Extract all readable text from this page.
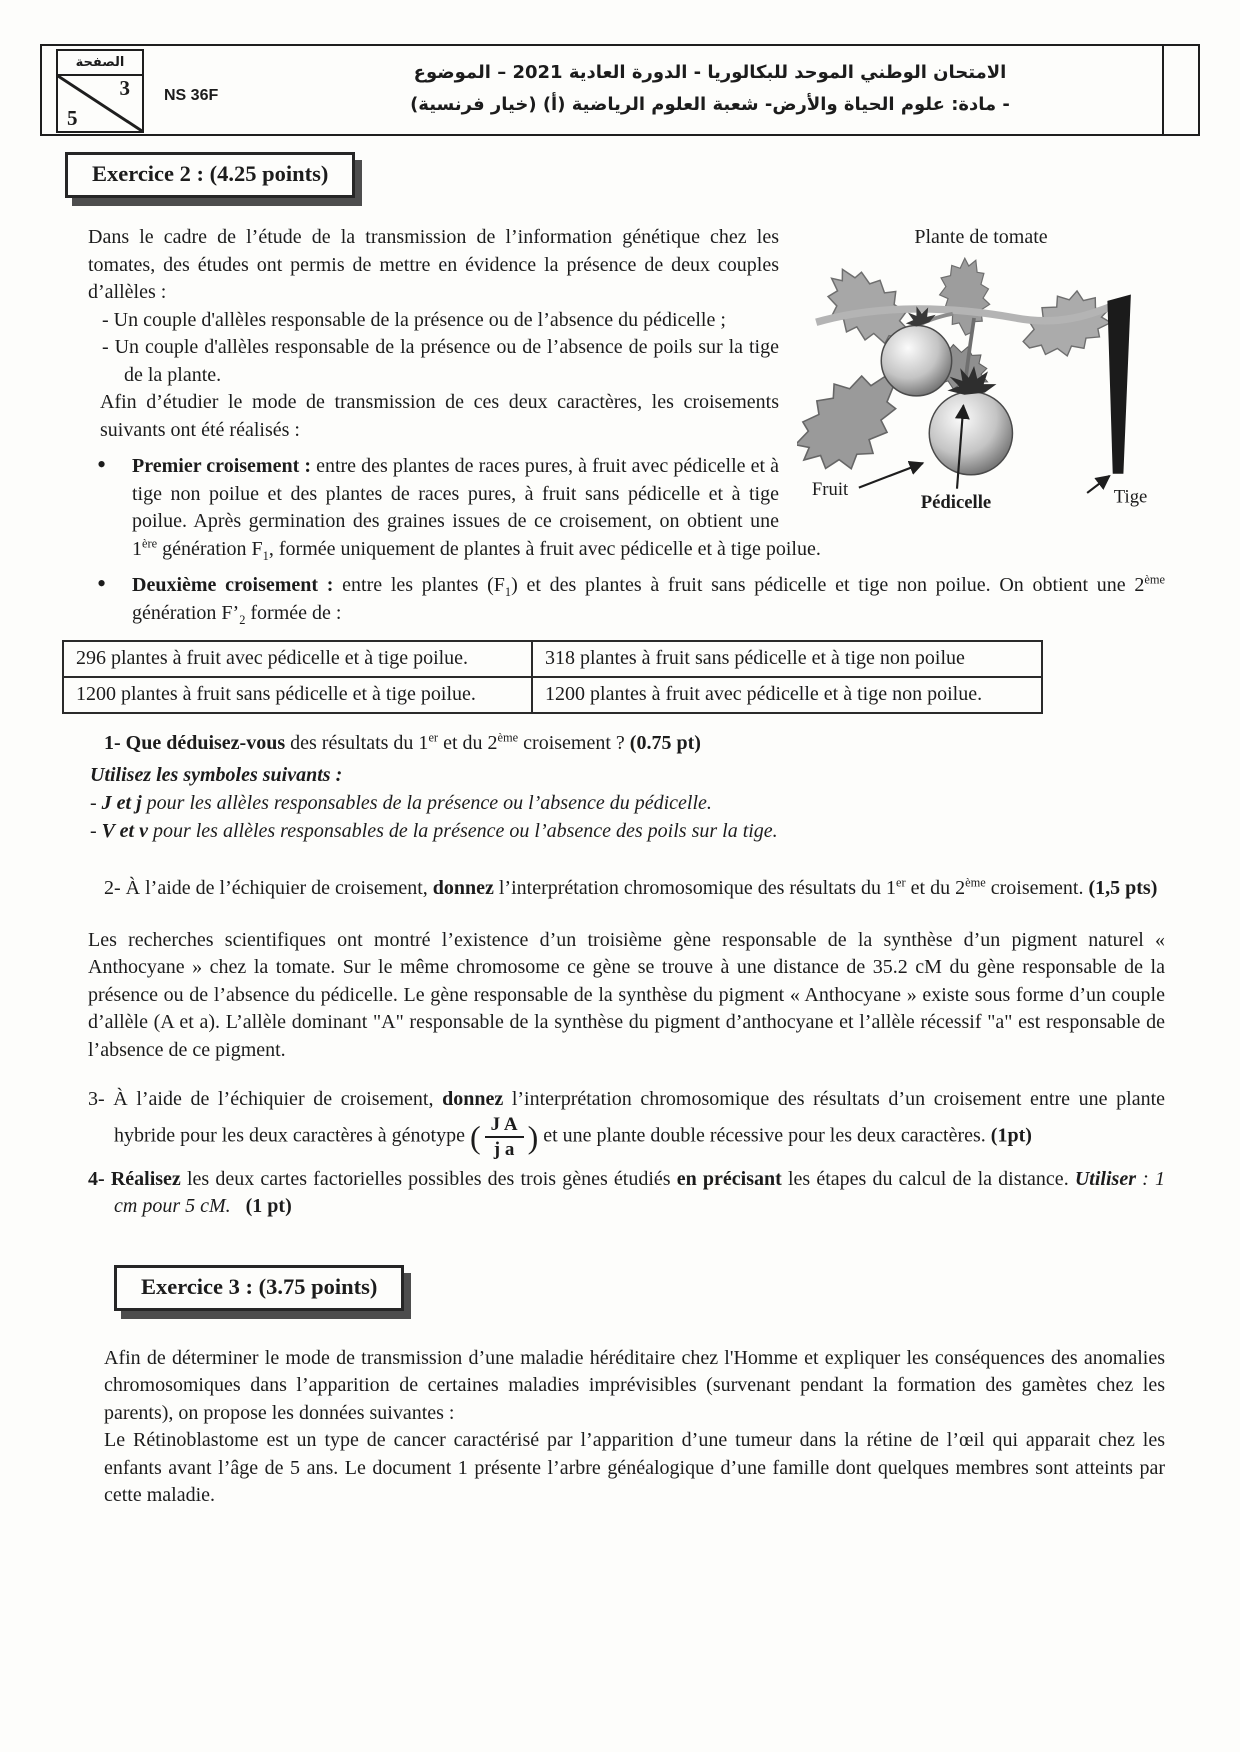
الصفحة
3
5
NS 36F
الامتحان الوطني الموحد للبكالوريا - الدورة العادية 2021 – الموضوع
- مادة: علوم الحياة والأرض- شعبة العلوم الرياضية (أ) (خيار فرنسية)
Exercice 2 : (4.25 points)
Plante de tomate
Fruit
Pédicelle	Tige

Dans le cadre de l’étude de la transmission de l’information génétique chez les tomates, des études ont permis de mettre en évidence la présence de deux couples d’allèles :

- Un couple d'allèles responsable de la présence ou de l’absence du pédicelle ;
- Un couple d'allèles responsable de la présence ou de l’absence de poils sur la tige de la plante.

Afin d’étudier le mode de transmission de ces deux caractères, les croisements suivants ont été réalisés :

• Premier croisement : entre des plantes de races pures, à fruit avec pédicelle et à tige non poilue et des plantes de races pures, à fruit sans pédicelle et à tige poilue. Après germination des graines issues de ce croisement, on obtient une 1ère génération $F_1$, formée uniquement de plantes à fruit avec pédicelle et à tige poilue.
• Deuxième croisement : entre les plantes $(F_1)$ et des plantes à fruit sans pédicelle et tige non poilue. On obtient une 2ème génération $F’_2$ formée de :
296 plantes à fruit avec pédicelle et à tige poilue.	318 plantes à fruit sans pédicelle et à tige non poilue
1200 plantes à fruit sans pédicelle et à tige poilue.	1200 plantes à fruit avec pédicelle et à tige non poilue.
1- Que déduisez-vous des résultats du 1er et du 2ème croisement ? (0.75 pt)
Utilisez les symboles suivants :
- J et j pour les allèles responsables de la présence ou l’absence du pédicelle.
- V et v pour les allèles responsables de la présence ou l’absence des poils sur la tige.
2- À l’aide de l’échiquier de croisement, donnez l’interprétation chromosomique des résultats du 1er et du 2ème croisement. (1,5 pts)

Les recherches scientifiques ont montré l’existence d’un troisième gène responsable de la synthèse d’un pigment naturel « Anthocyane » chez la tomate. Sur le même chromosome ce gène se trouve à une distance de 35.2 cM du gène responsable de la présence ou de l’absence du pédicelle. Le gène responsable de la synthèse du pigment « Anthocyane » existe sous forme d’un couple d’allèle (A et a). L’allèle dominant "A" responsable de la synthèse du pigment d’anthocyane et l’allèle récessif "a" est responsable de l’absence de ce pigment.

3- À l’aide de l’échiquier de croisement, donnez l’interprétation chromosomique des résultats d’un croisement entre une plante hybride pour les deux caractères à génotype ( $\frac{\text{J A}}{\text{j a}}$ ) et une plante double récessive pour les deux caractères. (1pt)
4- Réalisez les deux cartes factorielles possibles des trois gènes étudiés en précisant les étapes du calcul de la distance. Utiliser : 1 cm pour 5 cM. (1 pt)
Exercice 3 : (3.75 points)

Afin de déterminer le mode de transmission d’une maladie héréditaire chez l'Homme et expliquer les conséquences des anomalies chromosomiques dans l’apparition de certaines maladies imprévisibles (survenant pendant la formation des gamètes chez les parents), on propose les données suivantes :

Le Rétinoblastome est un type de cancer caractérisé par l’apparition d’une tumeur dans la rétine de l’œil qui apparait chez les enfants avant l’âge de 5 ans. Le document 1 présente l’arbre généalogique d’une famille dont quelques membres sont atteints par cette maladie.
